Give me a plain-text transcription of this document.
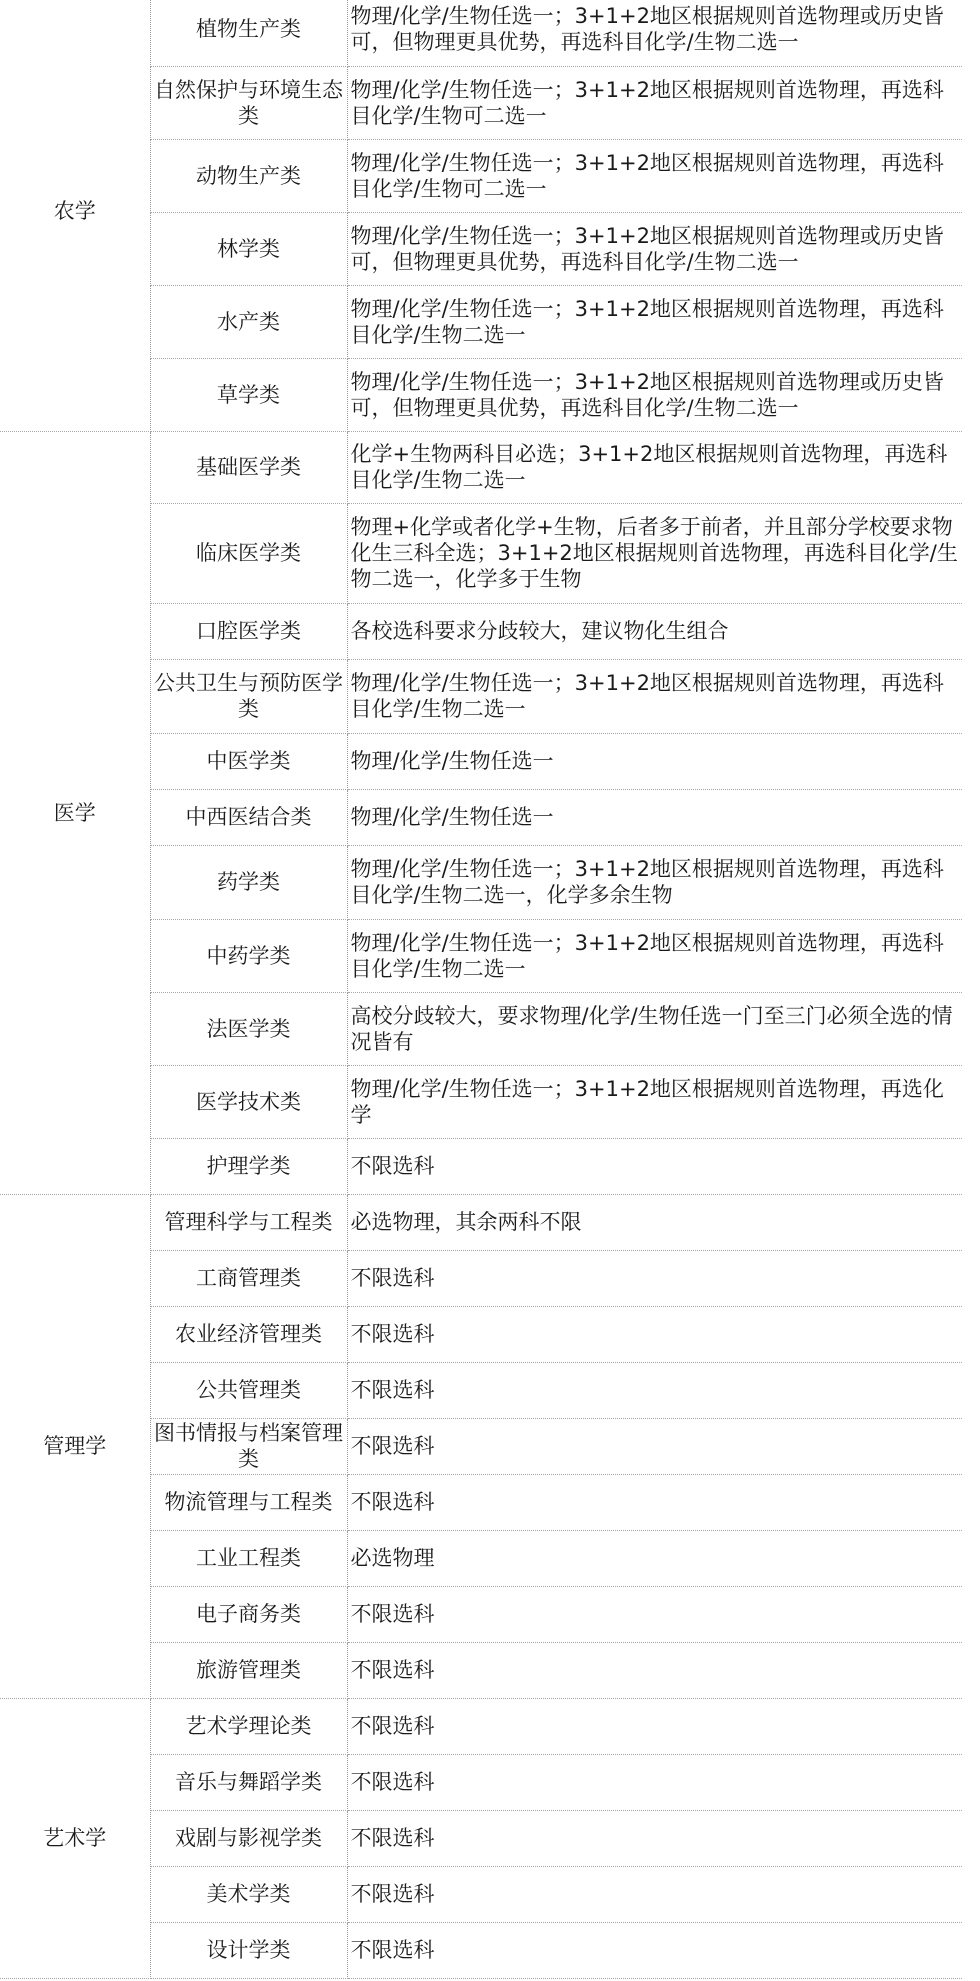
农学	植物生产类	物理/化学/生物任选一；3+1+2地区根据规则首选物理或历史皆可，但物理更具优势，再选科目化学/生物二选一
	自然保护与环境生态类	物理/化学/生物任选一；3+1+2地区根据规则首选物理，再选科目化学/生物可二选一
	动物生产类	物理/化学/生物任选一；3+1+2地区根据规则首选物理，再选科目化学/生物可二选一
	林学类	物理/化学/生物任选一；3+1+2地区根据规则首选物理或历史皆可，但物理更具优势，再选科目化学/生物二选一
	水产类	物理/化学/生物任选一；3+1+2地区根据规则首选物理，再选科目化学/生物二选一
	草学类	物理/化学/生物任选一；3+1+2地区根据规则首选物理或历史皆可，但物理更具优势，再选科目化学/生物二选一
医学	基础医学类	化学+生物两科目必选；3+1+2地区根据规则首选物理，再选科目化学/生物二选一
	临床医学类	物理+化学或者化学+生物，后者多于前者，并且部分学校要求物化生三科全选；3+1+2地区根据规则首选物理，再选科目化学/生物二选一，化学多于生物
	口腔医学类	各校选科要求分歧较大，建议物化生组合
	公共卫生与预防医学类	物理/化学/生物任选一；3+1+2地区根据规则首选物理，再选科目化学/生物二选一
	中医学类	物理/化学/生物任选一
	中西医结合类	物理/化学/生物任选一
	药学类	物理/化学/生物任选一；3+1+2地区根据规则首选物理，再选科目化学/生物二选一，化学多余生物
	中药学类	物理/化学/生物任选一；3+1+2地区根据规则首选物理，再选科目化学/生物二选一
	法医学类	高校分歧较大，要求物理/化学/生物任选一门至三门必须全选的情况皆有
	医学技术类	物理/化学/生物任选一；3+1+2地区根据规则首选物理，再选化学
	护理学类	不限选科
管理学	管理科学与工程类	必选物理，其余两科不限
	工商管理类	不限选科
	农业经济管理类	不限选科
	公共管理类	不限选科
	图书情报与档案管理类	不限选科
	物流管理与工程类	不限选科
	工业工程类	必选物理
	电子商务类	不限选科
	旅游管理类	不限选科
艺术学	艺术学理论类	不限选科
	音乐与舞蹈学类	不限选科
	戏剧与影视学类	不限选科
	美术学类	不限选科
	设计学类	不限选科
